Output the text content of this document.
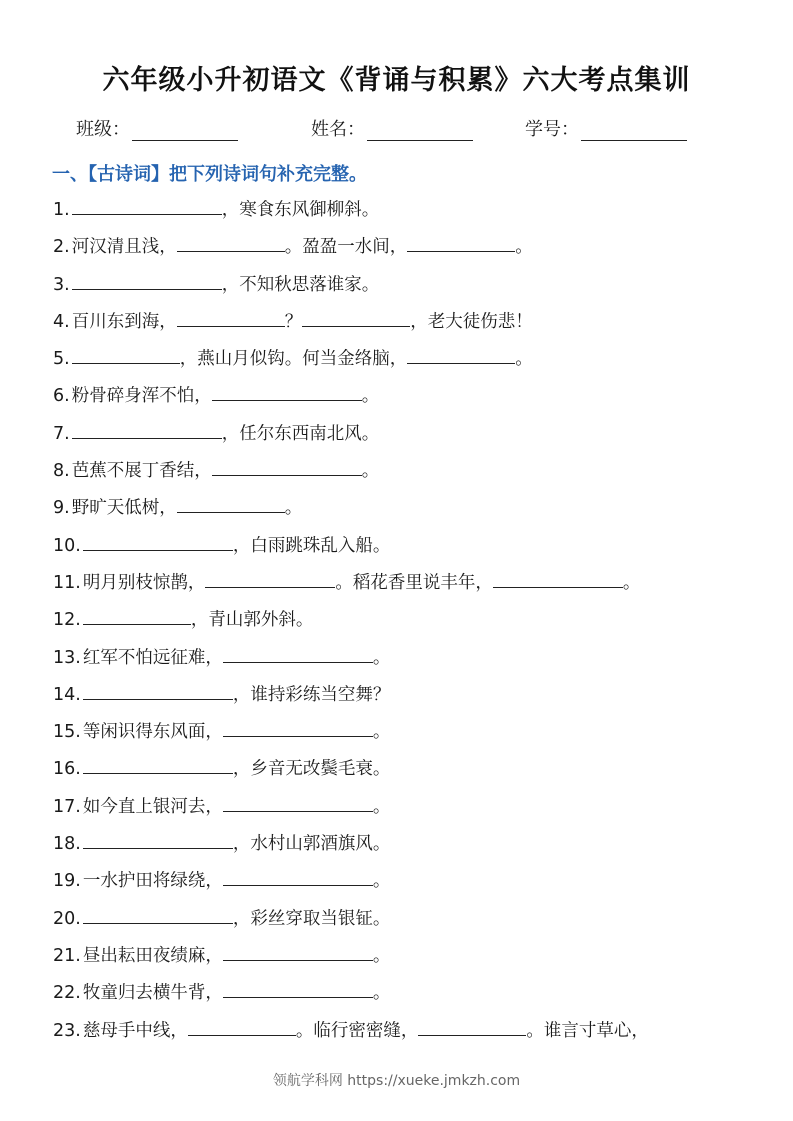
六年级小升初语文《背诵与积累》六大考点集训
班级：	姓名：	学号：
一、【古诗词】把下列诗词句补充完整。
1.	，寒食东风御柳斜。
2. 河汉清且浅，	。盈盈一水间，	。
3.	，不知秋思落谁家。
4. 百川东到海，	？	，老大徒伤悲！
5.	，燕山月似钩。何当金络脑，	。
6. 粉骨碎身浑不怕，	。
7.	，任尔东西南北风。
8. 芭蕉不展丁香结，	。
9. 野旷天低树，	。
10.	，白雨跳珠乱入船。
11. 明月别枝惊鹊，	。稻花香里说丰年，	。
12.	，青山郭外斜。
13. 红军不怕远征难，	。
14.	，谁持彩练当空舞？
15. 等闲识得东风面，	。
16.	，乡音无改鬓毛衰。
17. 如今直上银河去，	。
18.	，水村山郭酒旗风。
19. 一水护田将绿绕，	。
20.	，彩丝穿取当银钲。
21. 昼出耘田夜绩麻，	。
22. 牧童归去横牛背，	。
23. 慈母手中线，	。临行密密缝，	。谁言寸草心，
领航学科网 https://xueke.jmkzh.com
